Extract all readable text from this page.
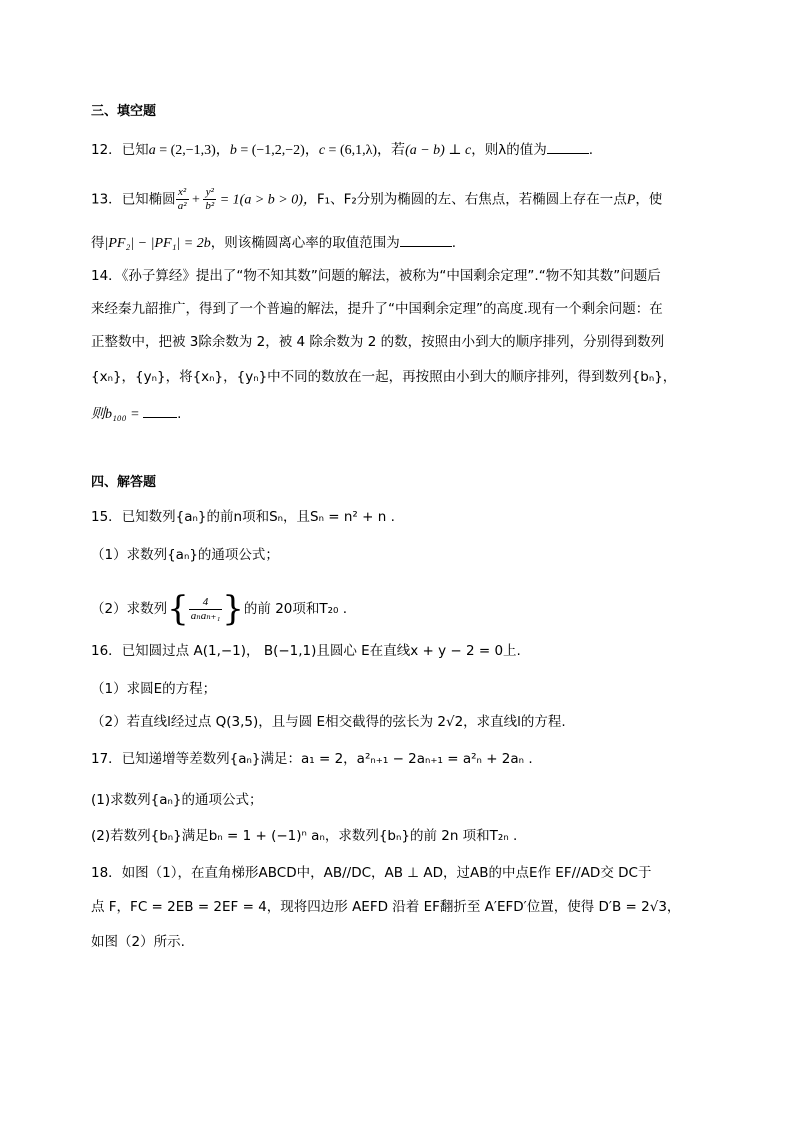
三、填空题
12．已知a = (2,−1,3)，b = (−1,2,−2)，c = (6,1,λ)，若(a − b) ⊥ c，则λ的值为	.
13．已知椭圆 $\frac{\text{x²}}{\text{a²}} + \frac{\text{y²}}{\text{b²}} = 1(a > b > 0)$，F₁、F₂分别为椭圆的左、右焦点，若椭圆上存在一点P，使
得|PF₂| − |PF₁| = 2b，则该椭圆离心率的取值范围为	.
14．《孙子算经》提出了“物不知其数”问题的解法，被称为“中国剩余定理”.“物不知其数”问题后
来经秦九韶推广，得到了一个普遍的解法，提升了“中国剩余定理”的高度.现有一个剩余问题：在
正整数中，把被 3除余数为 2，被 4 除余数为 2 的数，按照由小到大的顺序排列，分别得到数列
{xₙ}，{yₙ}，将{xₙ}，{yₙ}中不同的数放在一起，再按照由小到大的顺序排列，得到数列{bₙ}，
则b₁₀₀ =	.
四、解答题
15．已知数列{aₙ}的前n项和Sₙ，且Sₙ = n² + n .
（1）求数列{aₙ}的通项公式；
（2）求数列{ $\frac{4}{\text{aₙaₙ₊₁}}$ }的前 20项和T₂₀ .
16．已知圆过点 A(1,−1)， B(−1,1)且圆心 E在直线x + y − 2 = 0上.
（1）求圆E的方程；
（2）若直线l经过点 Q(3,5)，且与圆 E相交截得的弦长为 2√2，求直线l的方程.
17．已知递增等差数列{aₙ}满足：a₁ = 2，a²ₙ₊₁ − 2aₙ₊₁ = a²ₙ + 2aₙ .
(1)求数列{aₙ}的通项公式；
(2)若数列{bₙ}满足bₙ = 1 + (−1)ⁿ aₙ，求数列{bₙ}的前 2n 项和T₂ₙ .
18．如图（1），在直角梯形ABCD中，AB//DC，AB ⊥ AD，过AB的中点E作 EF//AD交 DC于
点 F，FC = 2EB = 2EF = 4，现将四边形 AEFD 沿着 EF翻折至 A′EFD′位置，使得 D′B = 2√3，
如图（2）所示.
